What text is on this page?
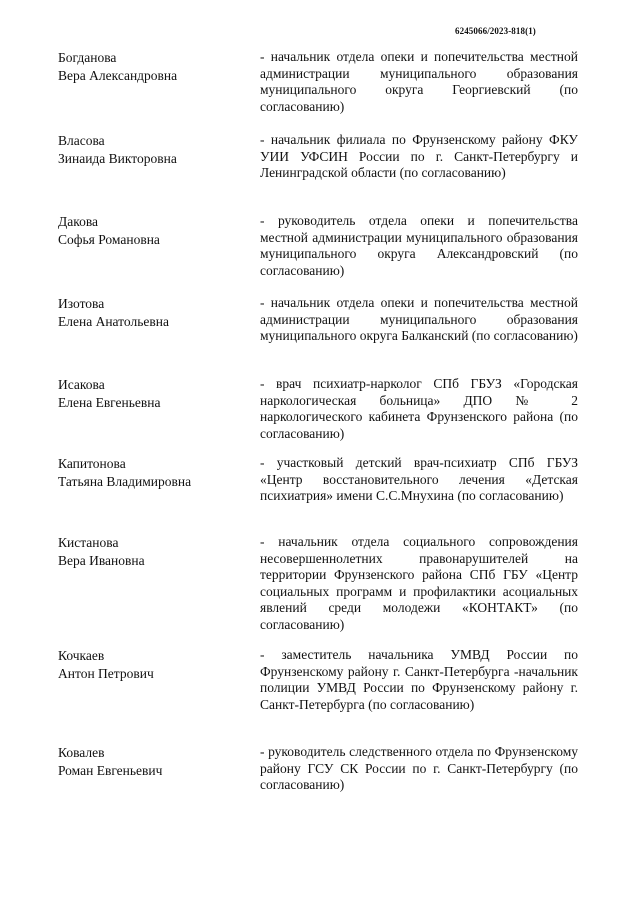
6245066/2023-818(1)
Богданова
Вера Александровна
- начальник отдела опеки и попечительства местной администрации муниципального образования муниципального округа Георгиевский (по согласованию)
Власова
Зинаида Викторовна
- начальник филиала по Фрунзенскому району ФКУ УИИ УФСИН России по г. Санкт-Петербургу и Ленинградской области (по согласованию)
Дакова
Софья Романовна
- руководитель отдела опеки и попечительства местной администрации муниципального образования муниципального округа Александровский (по согласованию)
Изотова
Елена Анатольевна
- начальник отдела опеки и попечительства местной администрации муниципального образования муниципального округа Балканский (по согласованию)
Исакова
Елена Евгеньевна
- врач психиатр-нарколог СПб ГБУЗ «Городская наркологическая больница» ДПО № 2 наркологического кабинета Фрунзенского района (по согласованию)
Капитонова
Татьяна Владимировна
- участковый детский врач-психиатр СПб ГБУЗ «Центр восстановительного лечения «Детская психиатрия» имени С.С.Мнухина (по согласованию)
Кистанова
Вера Ивановна
- начальник отдела социального сопровождения несовершеннолетних правонарушителей на территории Фрунзенского района СПб ГБУ «Центр социальных программ и профилактики асоциальных явлений среди молодежи «КОНТАКТ» (по согласованию)
Кочкаев
Антон Петрович
- заместитель начальника УМВД России по Фрунзенскому району г. Санкт-Петербурга -начальник полиции УМВД России по Фрунзенскому району г. Санкт-Петербурга (по согласованию)
Ковалев
Роман Евгеньевич
- руководитель следственного отдела по Фрунзенскому району ГСУ СК России по г. Санкт-Петербургу (по согласованию)
